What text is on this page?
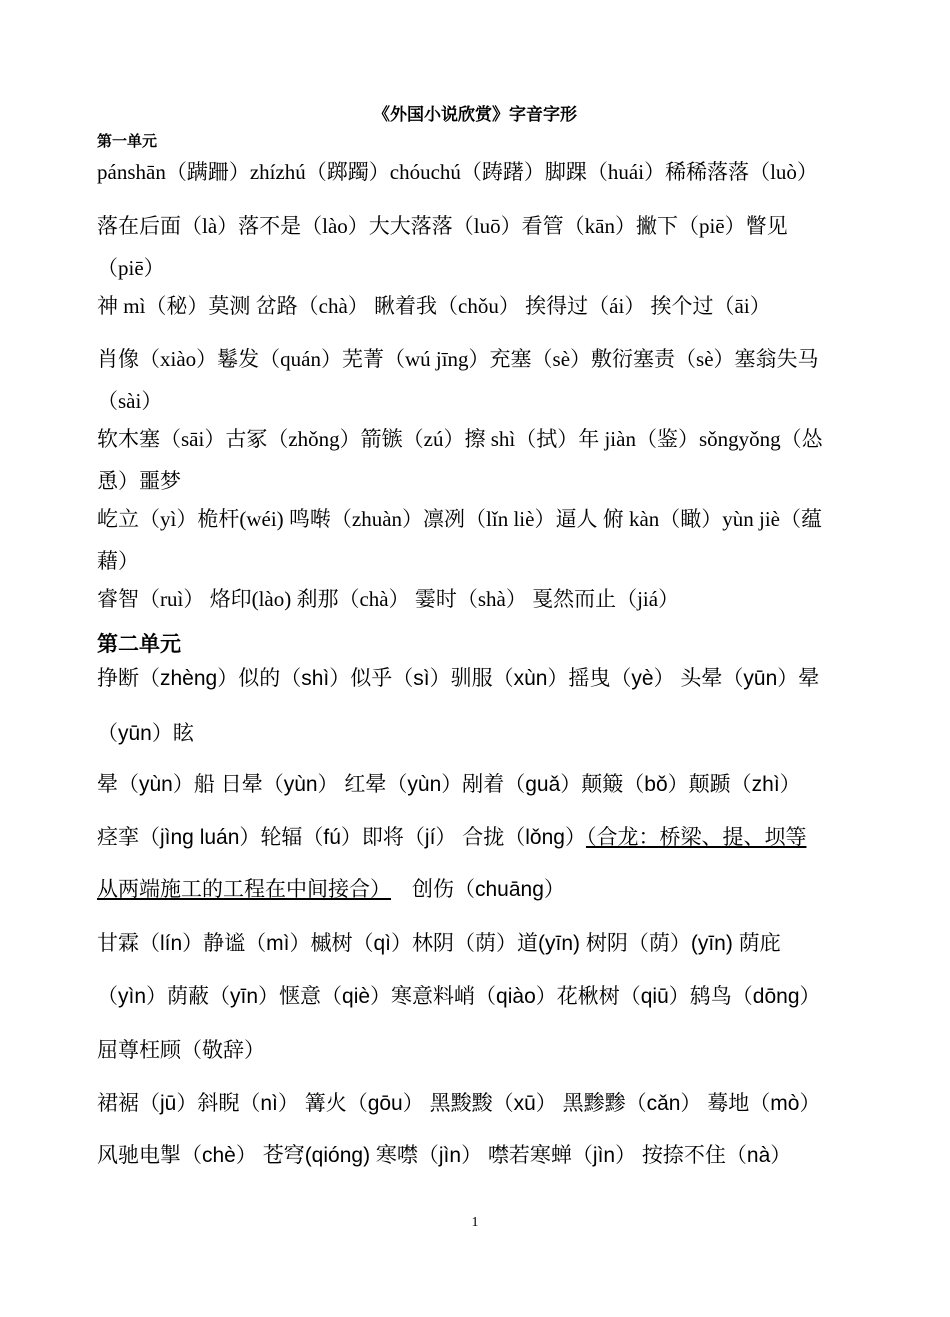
《外国小说欣赏》字音字形
第一单元
pánshān（蹒跚）zhízhú（踯躅）chóuchú（踌躇）脚踝（huái）稀稀落落（luò）
落在后面（là）落不是（lào）大大落落（luō）看管（kān）撇下（piē）瞥见
（piē）
神 mì（秘）莫测 岔路（chà） 瞅着我（chǒu） 挨得过（ái） 挨个过（āi）
肖像（xiào）鬈发（quán）芜菁（wú jīng）充塞（sè）敷衍塞责（sè）塞翁失马
（sài）
软木塞（sāi）古冢（zhǒng）箭镞（zú）擦 shì（拭）年 jiàn（鉴）sǒngyǒng（怂
恿）噩梦
屹立（yì）桅杆(wéi) 鸣啭（zhuàn）凛冽（lǐn liè）逼人 俯 kàn（瞰）yùn jiè（蕴
藉）
睿智（ruì） 烙印(lào) 刹那（chà） 霎时（shà） 戛然而止（jiá）
第二单元
挣断（zhèng）似的（shì）似乎（sì）驯服（xùn）摇曳（yè） 头晕（yūn）晕
（yūn）眩
晕（yùn）船 日晕（yùn） 红晕（yùn）剐着（guǎ）颠簸（bǒ）颠踬（zhì）
痉挛（jìng luán）轮辐（fú）即将（jí） 合拢（lǒng）（合龙：桥梁、提、坝等
从两端施工的工程在中间接合） 创伤（chuāng）
甘霖（lín）静谧（mì）槭树（qì）林阴（荫）道(yīn) 树阴（荫）(yīn) 荫庇
（yìn）荫蔽（yīn）惬意（qiè）寒意料峭（qiào）花楸树（qiū）鸫鸟（dōng）
屈尊枉顾（敬辞）
裙裾（jū）斜睨（nì） 篝火（gōu） 黑黢黢（xū） 黑黪黪（cǎn） 蓦地（mò）
风驰电掣（chè） 苍穹(qióng) 寒噤（jìn） 噤若寒蝉（jìn） 按捺不住（nà）
1
